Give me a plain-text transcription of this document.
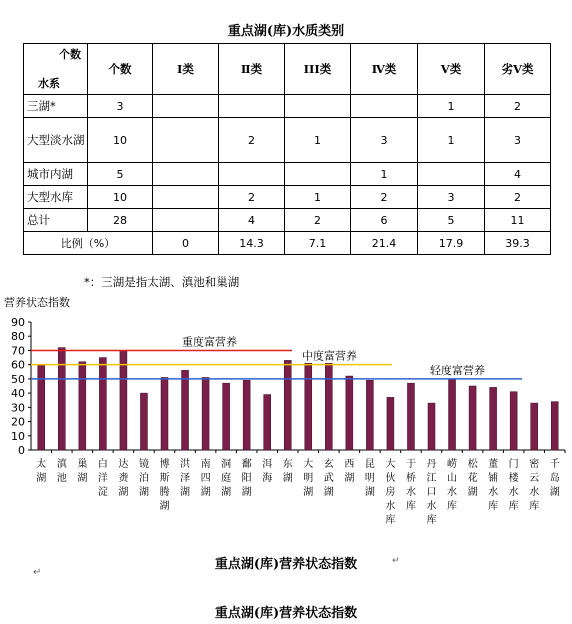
重点湖(库)水质类别
个数
水系	个数	Ⅰ类	Ⅱ类	III类	Ⅳ类	Ⅴ类	劣Ⅴ类
三湖*	3					1	2
大型淡水湖	10		2	1	3	1	3
城市内湖	5				1		4
大型水库	10		2	1	2	3	2
总计	28		4	2	6	5	11
比例（%）		0	14.3	7.1	21.4	17.9	39.3
*：三湖是指太湖、滇池和巢湖
营养状态指数
0
10
20
30
40
50
60
70
80
90
太湖
滇池
巢湖
白洋淀
达赉湖
镜泊湖
博斯腾湖
洪泽湖
南四湖
洞庭湖
鄱阳湖
洱海
东湖
大明湖
玄武湖
西湖
昆明湖
大伙房水库
于桥水库
丹江口水库
崂山水库
松花湖
董铺水库
门楼水库
密云水库
千岛湖
重度富营养
中度富营养
轻度富营养
重点湖(库)营养状态指数	↵
↵
重点湖(库)营养状态指数
